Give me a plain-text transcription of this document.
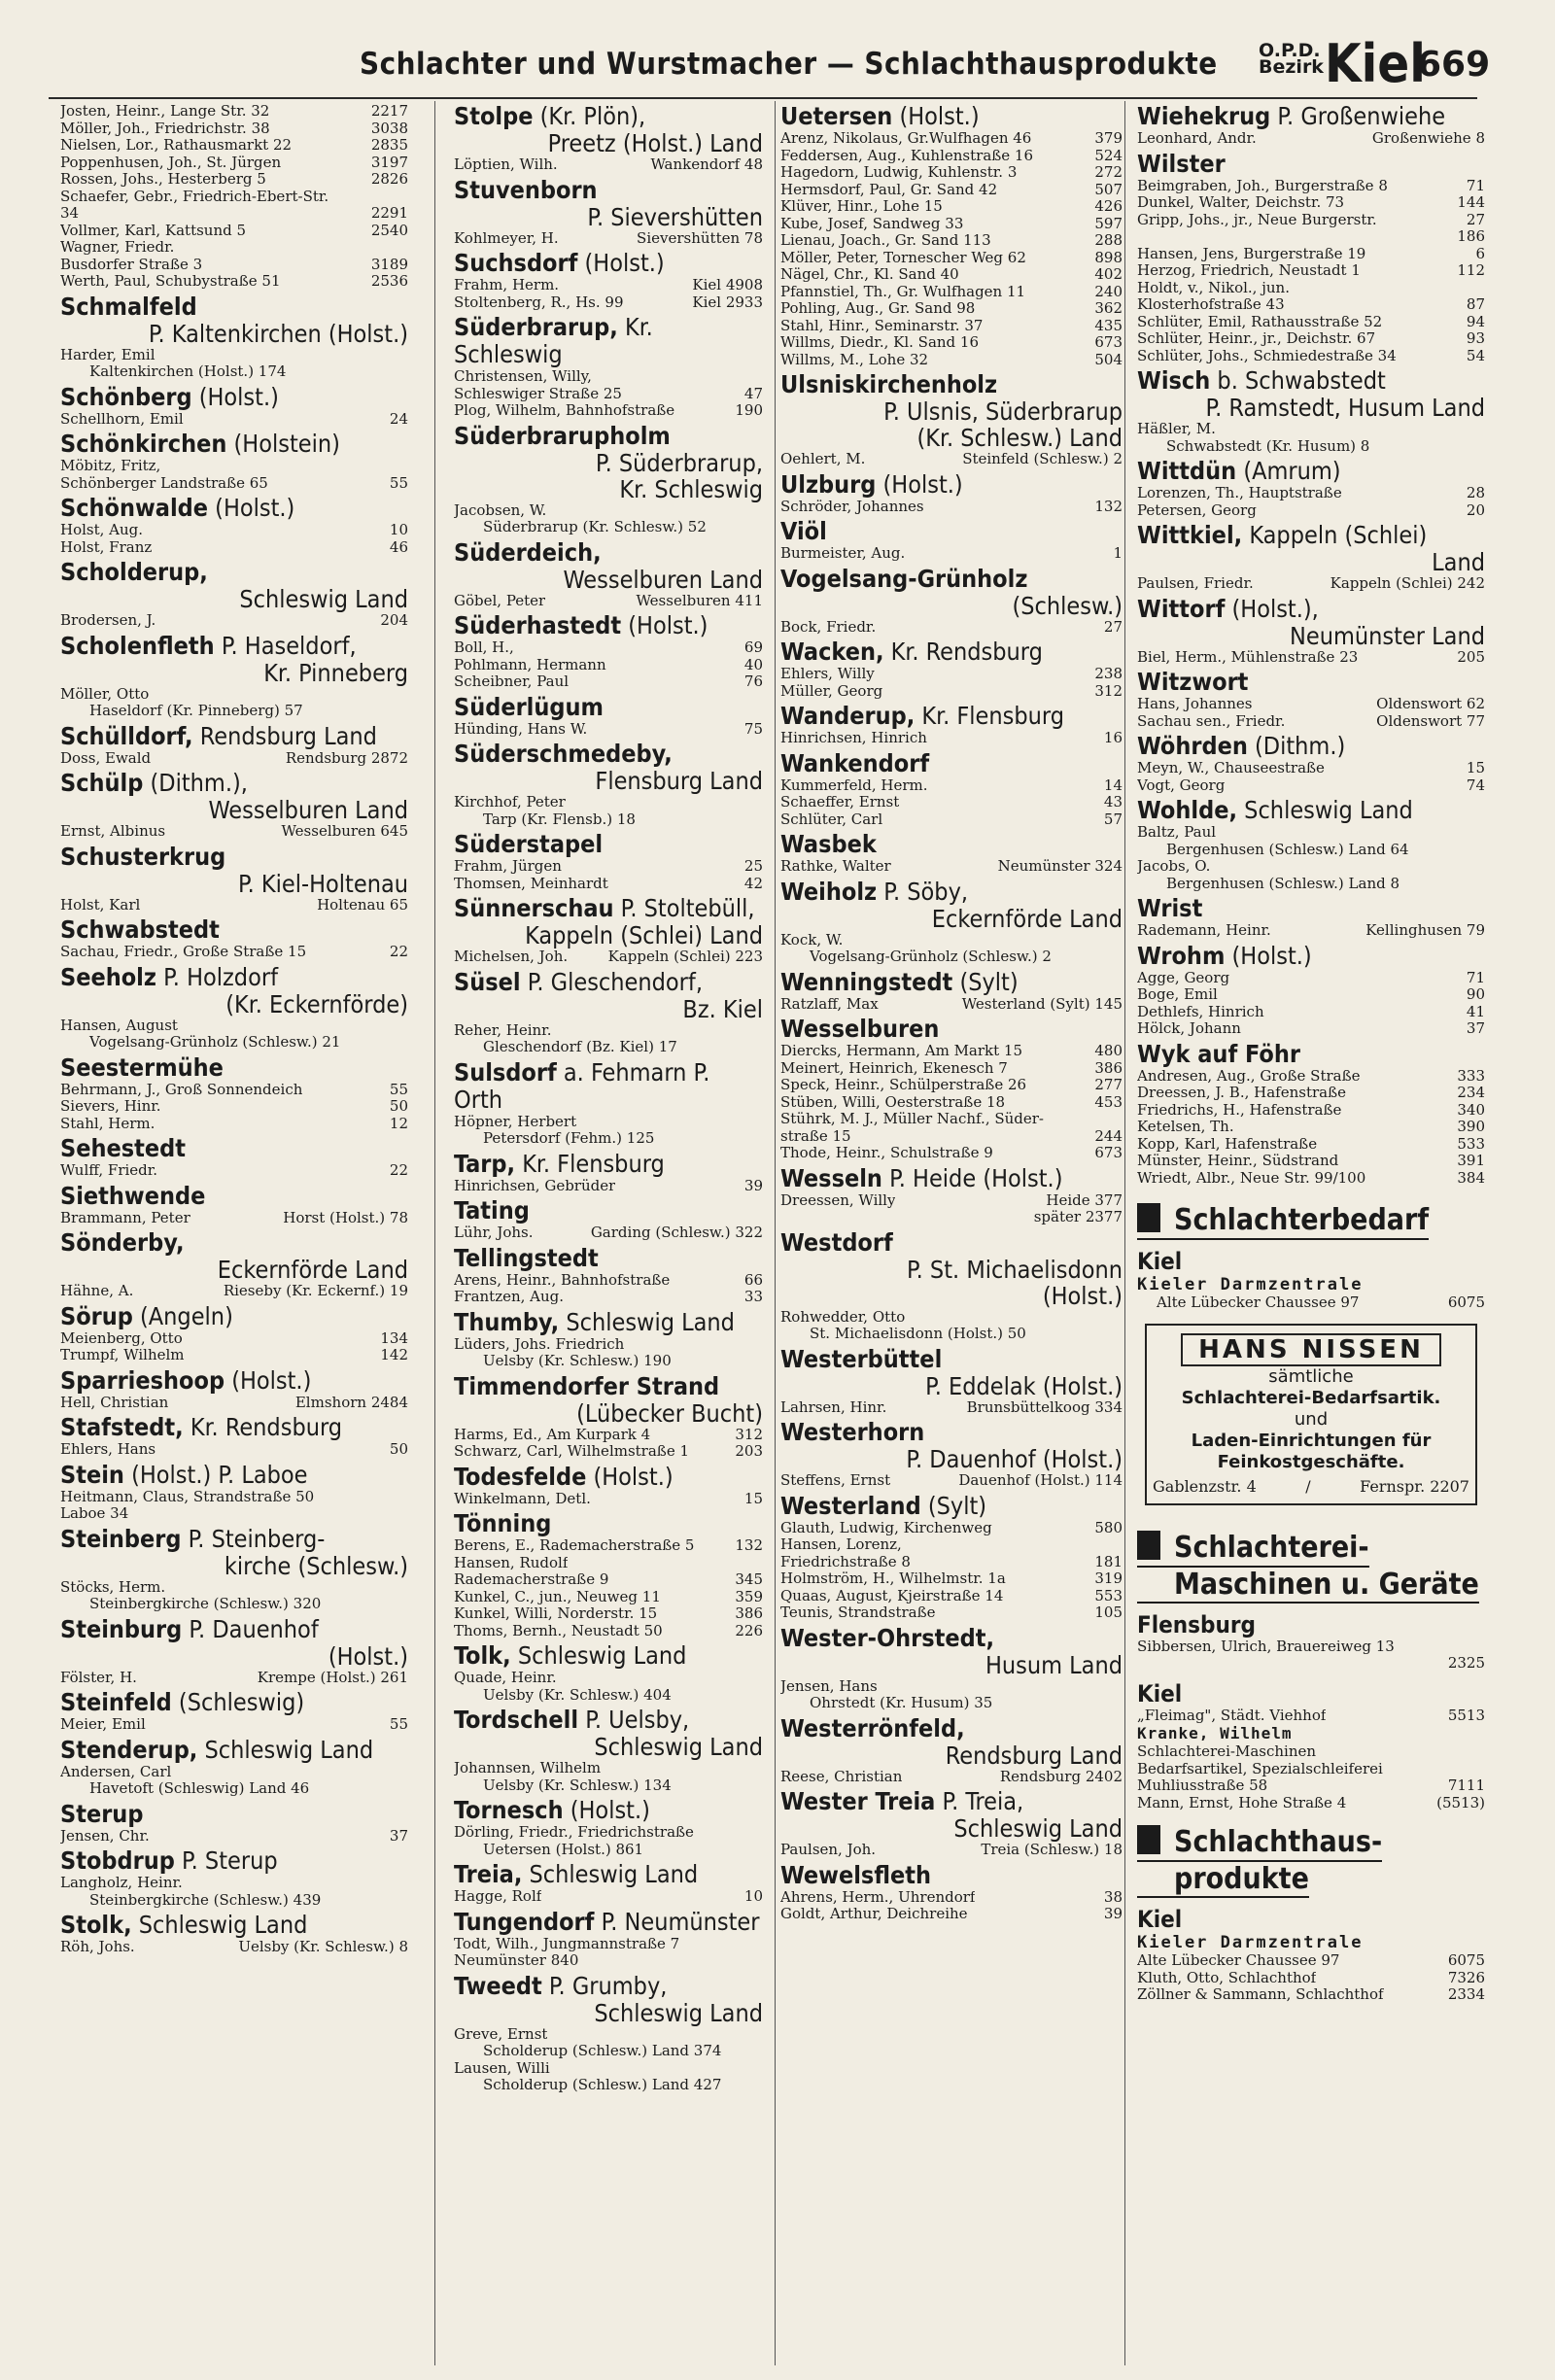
Schlachter und Wurstmacher — Schlachthausprodukte O.P.D.
Bezirk Kiel
669
Josten, Heinr., Lange Str. 32	2217
Möller, Joh., Friedrichstr. 38	3038
Nielsen, Lor., Rathausmarkt 22	2835
Poppenhusen, Joh., St. Jürgen	3197
Rossen, Johs., Hesterberg 5	2826
Schaefer, Gebr., Friedrich-Ebert-Str.
34	2291
Vollmer, Karl, Kattsund 5	2540
Wagner, Friedr.
Busdorfer Straße 3	3189
Werth, Paul, Schubystraße 51	2536
Schmalfeld
P. Kaltenkirchen (Holst.)
Harder, Emil
Kaltenkirchen (Holst.) 174
Schönberg (Holst.)
Schellhorn, Emil	24
Schönkirchen (Holstein)
Möbitz, Fritz,
Schönberger Landstraße 65	55
Schönwalde (Holst.)
Holst, Aug.	10
Holst, Franz	46
Scholderup,
Schleswig Land
Brodersen, J.	204
Scholenfleth P. Haseldorf,
Kr. Pinneberg
Möller, Otto
Haseldorf (Kr. Pinneberg) 57
Schülldorf, Rendsburg Land
Doss, Ewald	Rendsburg 2872
Schülp (Dithm.),
Wesselburen Land
Ernst, Albinus	Wesselburen 645
Schusterkrug
P. Kiel-Holtenau
Holst, Karl	Holtenau 65
Schwabstedt
Sachau, Friedr., Große Straße 15	22
Seeholz P. Holzdorf
(Kr. Eckernförde)
Hansen, August
Vogelsang-Grünholz (Schlesw.) 21
Seestermühe
Behrmann, J., Groß Sonnendeich	55
Sievers, Hinr.	50
Stahl, Herm.	12
Sehestedt
Wulff, Friedr.	22
Siethwende
Brammann, Peter	Horst (Holst.) 78
Sönderby,
Eckernförde Land
Hähne, A.	Rieseby (Kr. Eckernf.) 19
Sörup (Angeln)
Meienberg, Otto	134
Trumpf, Wilhelm	142
Sparrieshoop (Holst.)
Hell, Christian	Elmshorn 2484
Stafstedt, Kr. Rendsburg
Ehlers, Hans	50
Stein (Holst.) P. Laboe
Heitmann, Claus, Strandstraße 50
Laboe 34
Steinberg P. Steinberg-
kirche (Schlesw.)
Stöcks, Herm.
Steinbergkirche (Schlesw.) 320
Steinburg P. Dauenhof
(Holst.)
Fölster, H.	Krempe (Holst.) 261
Steinfeld (Schleswig)
Meier, Emil	55
Stenderup, Schleswig Land
Andersen, Carl
Havetoft (Schleswig) Land 46
Sterup
Jensen, Chr.	37
Stobdrup P. Sterup
Langholz, Heinr.
Steinbergkirche (Schlesw.) 439
Stolk, Schleswig Land
Röh, Johs.	Uelsby (Kr. Schlesw.) 8
Stolpe (Kr. Plön),
Preetz (Holst.) Land
Löptien, Wilh.	Wankendorf 48
Stuvenborn
P. Sievershütten
Kohlmeyer, H.	Sievershütten 78
Suchsdorf (Holst.)
Frahm, Herm.	Kiel 4908
Stoltenberg, R., Hs. 99	Kiel 2933
Süderbrarup, Kr. Schleswig
Christensen, Willy,
Schleswiger Straße 25	47
Plog, Wilhelm, Bahnhofstraße	190
Süderbrarupholm
P. Süderbrarup,
Kr. Schleswig
Jacobsen, W.
Süderbrarup (Kr. Schlesw.) 52
Süderdeich,
Wesselburen Land
Göbel, Peter	Wesselburen 411
Süderhastedt (Holst.)
Boll, H.,	69
Pohlmann, Hermann	40
Scheibner, Paul	76
Süderlügum
Hünding, Hans W.	75
Süderschmedeby,
Flensburg Land
Kirchhof, Peter
Tarp (Kr. Flensb.) 18
Süderstapel
Frahm, Jürgen	25
Thomsen, Meinhardt	42
Sünnerschau P. Stoltebüll,
Kappeln (Schlei) Land
Michelsen, Joh.	Kappeln (Schlei) 223
Süsel P. Gleschendorf,
Bz. Kiel
Reher, Heinr.
Gleschendorf (Bz. Kiel) 17
Sulsdorf a. Fehmarn P. Orth
Höpner, Herbert
Petersdorf (Fehm.) 125
Tarp, Kr. Flensburg
Hinrichsen, Gebrüder	39
Tating
Lühr, Johs.	Garding (Schlesw.) 322
Tellingstedt
Arens, Heinr., Bahnhofstraße	66
Frantzen, Aug.	33
Thumby, Schleswig Land
Lüders, Johs. Friedrich
Uelsby (Kr. Schlesw.) 190
Timmendorfer Strand
(Lübecker Bucht)
Harms, Ed., Am Kurpark 4	312
Schwarz, Carl, Wilhelmstraße 1	203
Todesfelde (Holst.)
Winkelmann, Detl.	15
Tönning
Berens, E., Rademacherstraße 5	132
Hansen, Rudolf
Rademacherstraße 9	345
Kunkel, C., jun., Neuweg 11	359
Kunkel, Willi, Norderstr. 15	386
Thoms, Bernh., Neustadt 50	226
Tolk, Schleswig Land
Quade, Heinr.
Uelsby (Kr. Schlesw.) 404
Tordschell P. Uelsby,
Schleswig Land
Johannsen, Wilhelm
Uelsby (Kr. Schlesw.) 134
Tornesch (Holst.)
Dörling, Friedr., Friedrichstraße
Uetersen (Holst.) 861
Treia, Schleswig Land
Hagge, Rolf	10
Tungendorf P. Neumünster
Todt, Wilh., Jungmannstraße 7
Neumünster 840
Tweedt P. Grumby,
Schleswig Land
Greve, Ernst
Scholderup (Schlesw.) Land 374
Lausen, Willi
Scholderup (Schlesw.) Land 427
Uetersen (Holst.)
Arenz, Nikolaus, Gr.Wulfhagen 46	379
Feddersen, Aug., Kuhlenstraße 16	524
Hagedorn, Ludwig, Kuhlenstr. 3	272
Hermsdorf, Paul, Gr. Sand 42	507
Klüver, Hinr., Lohe 15	426
Kube, Josef, Sandweg 33	597
Lienau, Joach., Gr. Sand 113	288
Möller, Peter, Tornescher Weg 62	898
Nägel, Chr., Kl. Sand 40	402
Pfannstiel, Th., Gr. Wulfhagen 11	240
Pohling, Aug., Gr. Sand 98	362
Stahl, Hinr., Seminarstr. 37	435
Willms, Diedr., Kl. Sand 16	673
Willms, M., Lohe 32	504
Ulsniskirchenholz
P. Ulsnis, Süderbrarup
(Kr. Schlesw.) Land
Oehlert, M.	Steinfeld (Schlesw.) 2
Ulzburg (Holst.)
Schröder, Johannes	132
Viöl
Burmeister, Aug.	1
Vogelsang-Grünholz
(Schlesw.)
Bock, Friedr.	27
Wacken, Kr. Rendsburg
Ehlers, Willy	238
Müller, Georg	312
Wanderup, Kr. Flensburg
Hinrichsen, Hinrich	16
Wankendorf
Kummerfeld, Herm.	14
Schaeffer, Ernst	43
Schlüter, Carl	57
Wasbek
Rathke, Walter	Neumünster 324
Weiholz P. Söby,
Eckernförde Land
Kock, W.
Vogelsang-Grünholz (Schlesw.) 2
Wenningstedt (Sylt)
Ratzlaff, Max	Westerland (Sylt) 145
Wesselburen
Diercks, Hermann, Am Markt 15	480
Meinert, Heinrich, Ekenesch 7	386
Speck, Heinr., Schülperstraße 26	277
Stüben, Willi, Oesterstraße 18	453
Stührk, M. J., Müller Nachf., Süder-
straße 15	244
Thode, Heinr., Schulstraße 9	673
Wesseln P. Heide (Holst.)
Dreessen, Willy	Heide 377
später 2377
Westdorf
P. St. Michaelisdonn
(Holst.)
Rohwedder, Otto
St. Michaelisdonn (Holst.) 50
Westerbüttel
P. Eddelak (Holst.)
Lahrsen, Hinr.	Brunsbüttelkoog 334
Westerhorn
P. Dauenhof (Holst.)
Steffens, Ernst	Dauenhof (Holst.) 114
Westerland (Sylt)
Glauth, Ludwig, Kirchenweg	580
Hansen, Lorenz,
Friedrichstraße 8	181
Holmström, H., Wilhelmstr. 1a	319
Quaas, August, Kjeirstraße 14	553
Teunis, Strandstraße	105
Wester-Ohrstedt,
Husum Land
Jensen, Hans
Ohrstedt (Kr. Husum) 35
Westerrönfeld,
Rendsburg Land
Reese, Christian	Rendsburg 2402
Wester Treia P. Treia,
Schleswig Land
Paulsen, Joh.	Treia (Schlesw.) 18
Wewelsfleth
Ahrens, Herm., Uhrendorf	38
Goldt, Arthur, Deichreihe	39
Wiehekrug P. Großenwiehe
Leonhard, Andr.	Großenwiehe 8
Wilster
Beimgraben, Joh., Burgerstraße 8	71
Dunkel, Walter, Deichstr. 73	144
Gripp, Johs., jr., Neue Burgerstr.	27
186
Hansen, Jens, Burgerstraße 19	6
Herzog, Friedrich, Neustadt 1	112
Holdt, v., Nikol., jun.
Klosterhofstraße 43	87
Schlüter, Emil, Rathausstraße 52	94
Schlüter, Heinr., jr., Deichstr. 67	93
Schlüter, Johs., Schmiedestraße 34	54
Wisch b. Schwabstedt
P. Ramstedt, Husum Land
Häßler, M.
Schwabstedt (Kr. Husum) 8
Wittdün (Amrum)
Lorenzen, Th., Hauptstraße	28
Petersen, Georg	20
Wittkiel, Kappeln (Schlei)
Land
Paulsen, Friedr.	Kappeln (Schlei) 242
Wittorf (Holst.),
Neumünster Land
Biel, Herm., Mühlenstraße 23	205
Witzwort
Hans, Johannes	Oldenswort 62
Sachau sen., Friedr.	Oldenswort 77
Wöhrden (Dithm.)
Meyn, W., Chauseestraße	15
Vogt, Georg	74
Wohlde, Schleswig Land
Baltz, Paul
Bergenhusen (Schlesw.) Land 64
Jacobs, O.
Bergenhusen (Schlesw.) Land 8
Wrist
Rademann, Heinr.	Kellinghusen 79
Wrohm (Holst.)
Agge, Georg	71
Boge, Emil	90
Dethlefs, Hinrich	41
Hölck, Johann	37
Wyk auf Föhr
Andresen, Aug., Große Straße	333
Dreessen, J. B., Hafenstraße	234
Friedrichs, H., Hafenstraße	340
Ketelsen, Th.	390
Kopp, Karl, Hafenstraße	533
Münster, Heinr., Südstrand	391
Wriedt, Albr., Neue Str. 99/100	384
Schlachterbedarf
Kiel
Kieler Darmzentrale
Alte Lübecker Chaussee 97	6075
HANS NISSEN
sämtliche
Schlachterei-Bedarfsartik.
und
Laden-Einrichtungen für
Feinkostgeschäfte.
Gablenzstr. 4	/	Fernspr. 2207
Schlachterei- Maschinen u. Geräte
Flensburg
Sibbersen, Ulrich, Brauereiweg 13
2325
Kiel
„Fleimag", Städt. Viehhof	5513
Kranke, Wilhelm
Schlachterei-Maschinen
Bedarfsartikel, Spezialschleiferei
Muhliusstraße 58	7111
Mann, Ernst, Hohe Straße 4	(5513)
Schlachthaus- produkte
Kiel
Kieler Darmzentrale
Alte Lübecker Chaussee 97	6075
Kluth, Otto, Schlachthof	7326
Zöllner & Sammann, Schlachthof	2334
